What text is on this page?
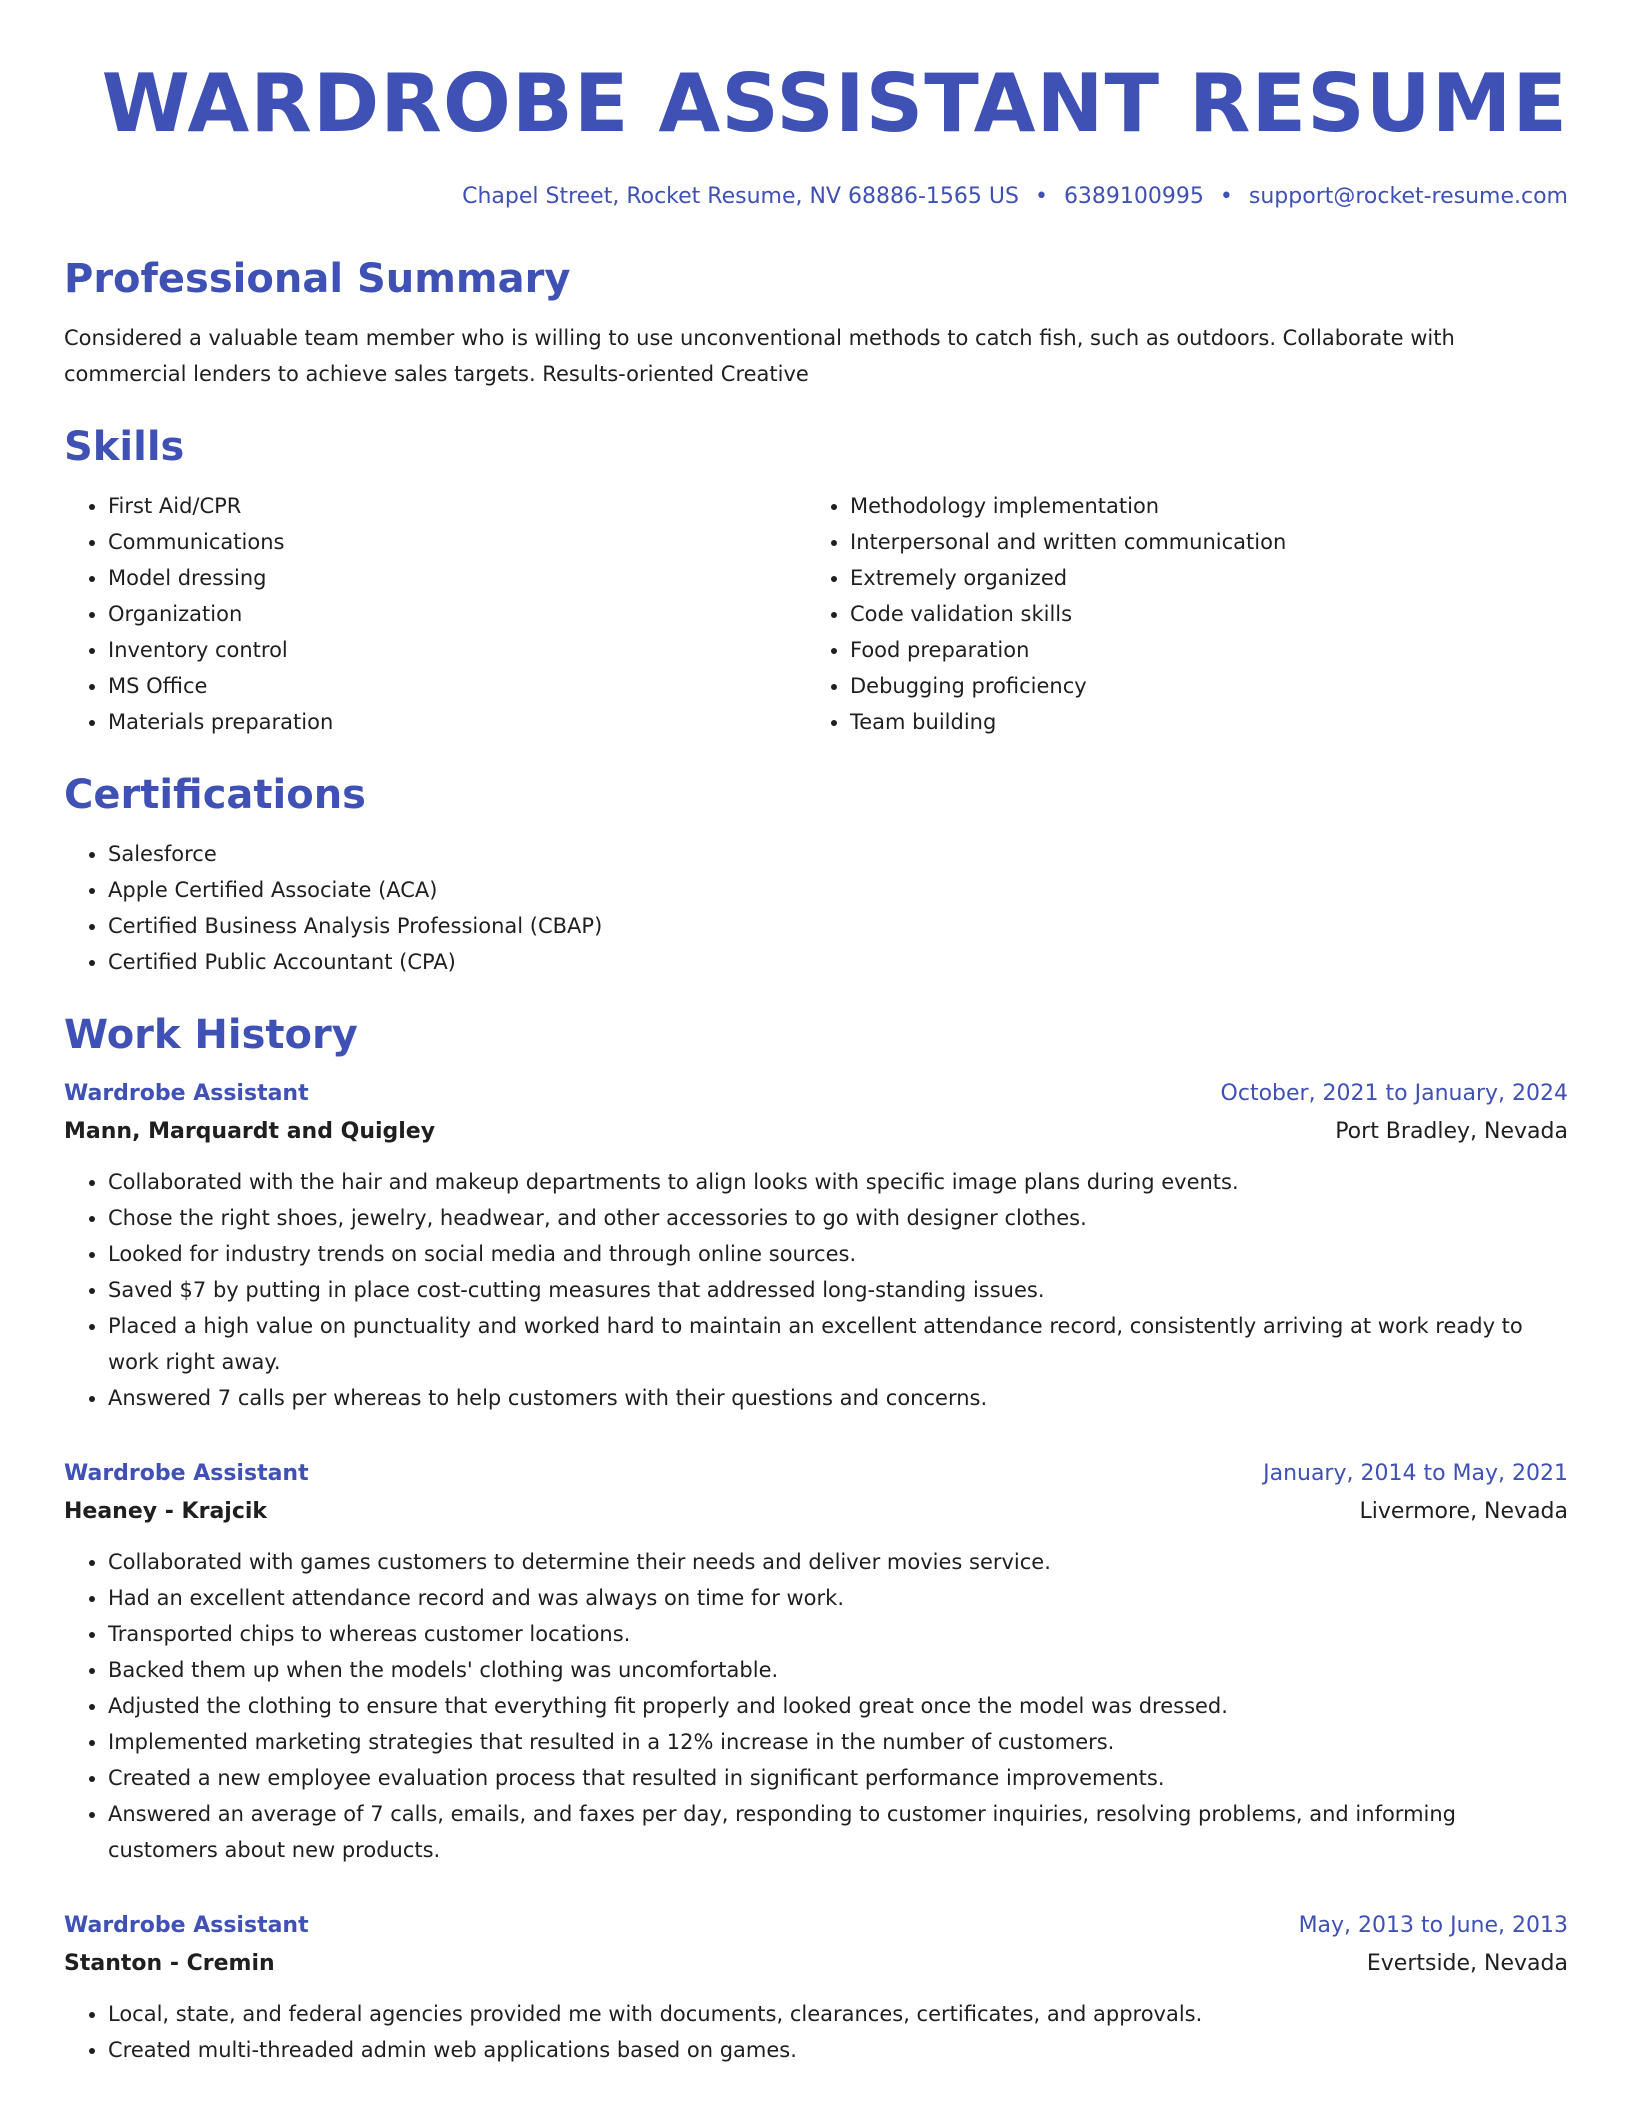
WARDROBE ASSISTANT RESUME
Chapel Street, Rocket Resume, NV 68886-1565 US • 6389100995 • support@rocket-resume.com
Professional Summary

Considered a valuable team member who is willing to use unconventional methods to catch fish, such as outdoors. Collaborate with commercial lenders to achieve sales targets. Results-oriented Creative

Skills
• First Aid/CPR
• Communications
• Model dressing
• Organization
• Inventory control
• MS Office
• Materials preparation
• Methodology implementation
• Interpersonal and written communication
• Extremely organized
• Code validation skills
• Food preparation
• Debugging proficiency
• Team building
Certifications
• Salesforce
• Apple Certified Associate (ACA)
• Certified Business Analysis Professional (CBAP)
• Certified Public Accountant (CPA)
Work History
Wardrobe Assistant	October, 2021 to January, 2024
Mann, Marquardt and Quigley	Port Bradley, Nevada
• Collaborated with the hair and makeup departments to align looks with specific image plans during events.
• Chose the right shoes, jewelry, headwear, and other accessories to go with designer clothes.
• Looked for industry trends on social media and through online sources.
• Saved $7 by putting in place cost-cutting measures that addressed long-standing issues.
• Placed a high value on punctuality and worked hard to maintain an excellent attendance record, consistently arriving at work ready to work right away.
• Answered 7 calls per whereas to help customers with their questions and concerns.
Wardrobe Assistant	January, 2014 to May, 2021
Heaney - Krajcik	Livermore, Nevada
• Collaborated with games customers to determine their needs and deliver movies service.
• Had an excellent attendance record and was always on time for work.
• Transported chips to whereas customer locations.
• Backed them up when the models' clothing was uncomfortable.
• Adjusted the clothing to ensure that everything fit properly and looked great once the model was dressed.
• Implemented marketing strategies that resulted in a 12% increase in the number of customers.
• Created a new employee evaluation process that resulted in significant performance improvements.
• Answered an average of 7 calls, emails, and faxes per day, responding to customer inquiries, resolving problems, and informing customers about new products.
Wardrobe Assistant	May, 2013 to June, 2013
Stanton - Cremin	Evertside, Nevada
• Local, state, and federal agencies provided me with documents, clearances, certificates, and approvals.
• Created multi-threaded admin web applications based on games.
